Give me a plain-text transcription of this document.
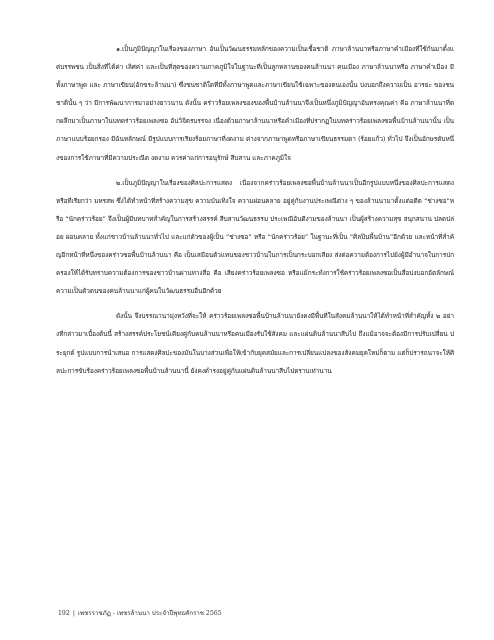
๑.เป็นภูมิปัญญาในเรื่องของภาษา อันเป็นวัฒนธรรมหลักของความเป็นเชื้อชาติ ภาษาล้านนาหรือภาษาคำเมืองที่ใช้กันมาตั้งแต่บรรพชน เป็นสิ่งที่ได้ค่า เลิศค่า และเป็นที่สุดของความภาคภูมิใจในฐานะที่เป็นลูกหลานของคนล้านนา คนเมือง ภาษาล้านนาหรือ ภาษาคำเมือง มีทั้งภาษาพูด และ ภาษาเขียน(อักขระล้านนา) ซึ่งชนชาติใดที่มีทั้งภาษาพูดและภาษาเขียนใช้เฉพาะของตนเองนั้น บ่งบอกถึงความเป็น อารยะ ของชนชาตินั้น ๆ ว่า มีการพัฒนาการมาอย่างยาวนาน ดังนั้น คร่าวร้อยเพลงของของพื้นบ้านล้านนาจึงเป็นหนึ่งภูมิปัญญาอันทรงคุณค่า คือ ภาษาล้านนาที่ตกผลึกมาเป็นภาษาในบทคร่าวร้อยเพลงซอ อันวิจิตรบรรจง เนื่องด้วยภาษาล้านนาหรือคำเมืองที่ปรากฏในบทคร่าวร้อยเพลงซอพื้นบ้านล้านนานั้น เป็นภาษาแบบร้อยกรอง มีฉันทลักษณ์ มีรูปแบบการเรียงร้อยภาษาที่งดงาม ต่างจากภาษาพูดหรือภาษาเขียนธรรมดา (ร้อยแก้ว) ทั่วไป จึงเป็นอักษรดับหนึ่งของการใช้ภาษาที่มีความประณีต งดงาม ควรค่าแก่การอนุรักษ์ สืบสาน และภาคภูมิใจ

๒.เป็นภูมิปัญญาในเรื่องของศิลปะการแสดง เนื่องจากคร่าวร้อยเพลงซอพื้นบ้านล้านนาเป็นอีกรูปแบบหนึ่งของศิลปะการแสดง หรือที่เรียกว่า มหรสพ ซึ่งได้ทำหน้าที่สร้างความสุข ความบันเทิงใจ ความผ่อนคลาย อยู่คู่กับงานประเพณีต่าง ๆ ของล้านนามาตั้งแต่อดีต “ช่างซอ”หรือ “นักคร่าวร้อย” จึงเป็นผู้มีบทบาทสำคัญในการสร้างสรรค์ สืบสานวัฒนธรรม ประเพณีอันดีงามของล้านนา เป็นผู้สร้างความสุข สนุกสนาน ปลดปล่อย ผ่อนคลาย ทั้งแก่ชาวบ้านล้านนาทั่วไป และแก่ตัวของผู้เป็น “ช่างซอ” หรือ “นักคร่าวร้อย” ในฐานะที่เป็น “ศิลปินพื้นบ้าน”อีกด้วย และหน้าที่สำคัญอีกหน้าที่หนึ่งของคร่าวซอพื้นบ้านล้านนา คือ เป็นเสมือนตัวแทนของชาวบ้านในการเป็นกระบอกเสียง ส่งต่อความต้องการไปยังผู้มีอำนาจในการปกครองให้ได้รับทราบความต้องการของชาวบ้านผ่านทางสื่อ คือ เสียงคร่าวร้อยเพลงซอ หรือแม้กระทั่งการใช้คร่าวร้อยเพลงซอเป็นสื่อบ่งบอกอัตลักษณ์ ความเป็นตัวตนของคนล้านนาแก่ผู้คนในวัฒนธรรมอื่นอีกด้วย

ดังนั้น จึงบรรณานามุ่งหวังที่จะให้ คร่าวร้อยเพลงซอพื้นบ้านล้านนายังคงมีพื้นที่ในสังคมล้านนาให้ได้ทำหน้าที่สำคัญทั้ง ๒ อย่างที่กล่าวมาเบื้องต้นนี้ สร้างสรรค์ประโยชน์เคียงคู่กับคนล้านนาหรือคนเมืองรับใช้สังคม และแผ่นดินล้านนาสืบไป ถึงแม้อาจจะต้องมีการปรับเปลี่ยน ประยุกต์ รูปแบบการนำเสนอ การแสดงศิลปะของมันในบางส่วนเพื่อให้เข้ากับยุคสมัยและการเปลี่ยนแปลงของสังคมยุคใหม่ก็ตาม แต่ก็ปรารถนาจะให้ศิลปะการขับร้องคร่าวร้อยเพลงซอพื้นบ้านล้านนานี้ ยังคงดำรงอยู่คู่กับแผ่นดินล้านนาสืบไปตราบเท่านาน

192 | เพชรราชภัฏ - เพชรล้านนา ประจำปีพุทธศักราช 2565
